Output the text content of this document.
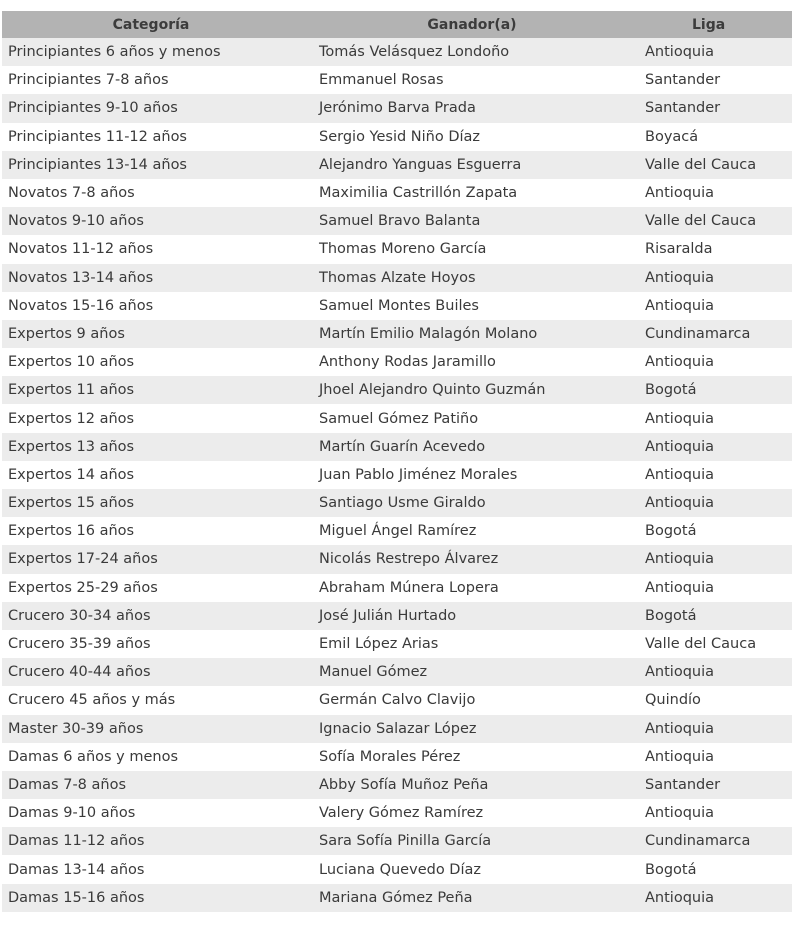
Categoría	Ganador(a)	Liga
Principiantes 6 años y menos	Tomás Velásquez Londoño	Antioquia
Principiantes 7-8 años	Emmanuel Rosas	Santander
Principiantes 9-10 años	Jerónimo Barva Prada	Santander
Principiantes 11-12 años	Sergio Yesid Niño Díaz	Boyacá
Principiantes 13-14 años	Alejandro Yanguas Esguerra	Valle del Cauca
Novatos 7-8 años	Maximilia Castrillón Zapata	Antioquia
Novatos 9-10 años	Samuel Bravo Balanta	Valle del Cauca
Novatos 11-12 años	Thomas Moreno García	Risaralda
Novatos 13-14 años	Thomas Alzate Hoyos	Antioquia
Novatos 15-16 años	Samuel Montes Builes	Antioquia
Expertos 9 años	Martín Emilio Malagón Molano	Cundinamarca
Expertos 10 años	Anthony Rodas Jaramillo	Antioquia
Expertos 11 años	Jhoel Alejandro Quinto Guzmán	Bogotá
Expertos 12 años	Samuel Gómez Patiño	Antioquia
Expertos 13 años	Martín Guarín Acevedo	Antioquia
Expertos 14 años	Juan Pablo Jiménez Morales	Antioquia
Expertos 15 años	Santiago Usme Giraldo	Antioquia
Expertos 16 años	Miguel Ángel Ramírez	Bogotá
Expertos 17-24 años	Nicolás Restrepo Álvarez	Antioquia
Expertos 25-29 años	Abraham Múnera Lopera	Antioquia
Crucero 30-34 años	José Julián Hurtado	Bogotá
Crucero 35-39 años	Emil López Arias	Valle del Cauca
Crucero 40-44 años	Manuel Gómez	Antioquia
Crucero 45 años y más	Germán Calvo Clavijo	Quindío
Master 30-39 años	Ignacio Salazar López	Antioquia
Damas 6 años y menos	Sofía Morales Pérez	Antioquia
Damas 7-8 años	Abby Sofía Muñoz Peña	Santander
Damas 9-10 años	Valery Gómez Ramírez	Antioquia
Damas 11-12 años	Sara Sofía Pinilla García	Cundinamarca
Damas 13-14 años	Luciana Quevedo Díaz	Bogotá
Damas 15-16 años	Mariana Gómez Peña	Antioquia
